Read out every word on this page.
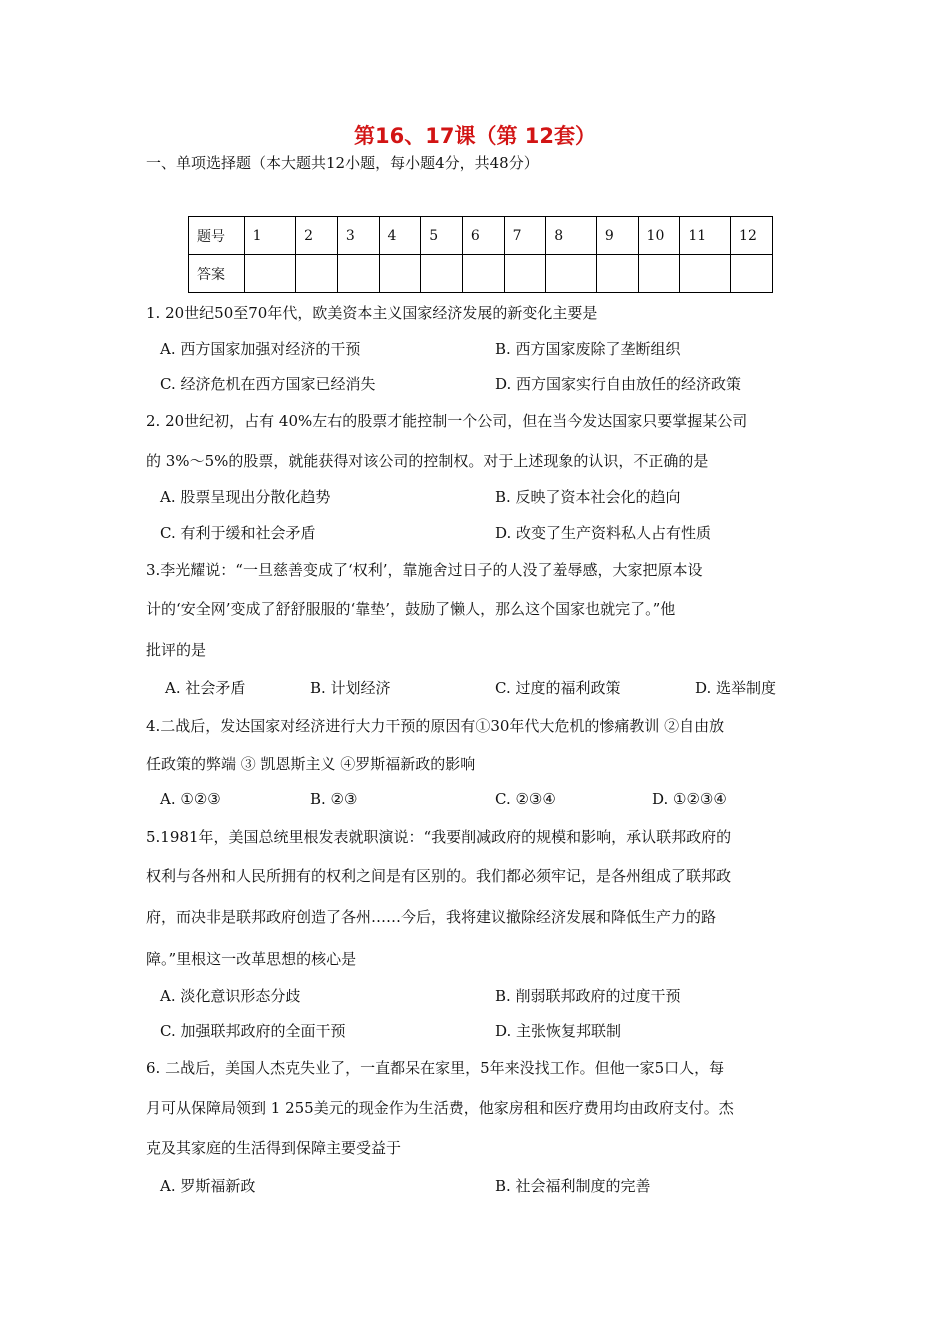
第16、17课（第 12套）
一、单项选择题（本大题共12小题，每小题4分，共48分）
题号	1	2	3	4	5	6	7	8	9	10	11	12
答案												
1. 20世纪50至70年代，欧美资本主义国家经济发展的新变化主要是
A. 西方国家加强对经济的干预	B. 西方国家废除了垄断组织
C. 经济危机在西方国家已经消失	D. 西方国家实行自由放任的经济政策
2. 20世纪初，占有 40%左右的股票才能控制一个公司，但在当今发达国家只要掌握某公司
的 3%～5%的股票，就能获得对该公司的控制权。对于上述现象的认识，不正确的是
A. 股票呈现出分散化趋势	B. 反映了资本社会化的趋向
C. 有利于缓和社会矛盾	D. 改变了生产资料私人占有性质
3.李光耀说：“一旦慈善变成了‘权利’，靠施舍过日子的人没了羞辱感，大家把原本设
计的‘安全网’变成了舒舒服服的‘靠垫’，鼓励了懒人，那么这个国家也就完了。”他
批评的是
A. 社会矛盾	B. 计划经济	C. 过度的福利政策	D. 选举制度
4.二战后，发达国家对经济进行大力干预的原因有①30年代大危机的惨痛教训 ②自由放
任政策的弊端 ③ 凯恩斯主义 ④罗斯福新政的影响
A. ①②③	B. ②③	C. ②③④	D. ①②③④
5.1981年，美国总统里根发表就职演说：“我要削减政府的规模和影响，承认联邦政府的
权利与各州和人民所拥有的权利之间是有区别的。我们都必须牢记，是各州组成了联邦政
府，而决非是联邦政府创造了各州……今后，我将建议撤除经济发展和降低生产力的路
障。”里根这一改革思想的核心是
A. 淡化意识形态分歧	B. 削弱联邦政府的过度干预
C. 加强联邦政府的全面干预	D. 主张恢复邦联制
6. 二战后，美国人杰克失业了，一直都呆在家里，5年来没找工作。但他一家5口人，每
月可从保障局领到 1 255美元的现金作为生活费，他家房租和医疗费用均由政府支付。杰
克及其家庭的生活得到保障主要受益于
A. 罗斯福新政	B. 社会福利制度的完善
